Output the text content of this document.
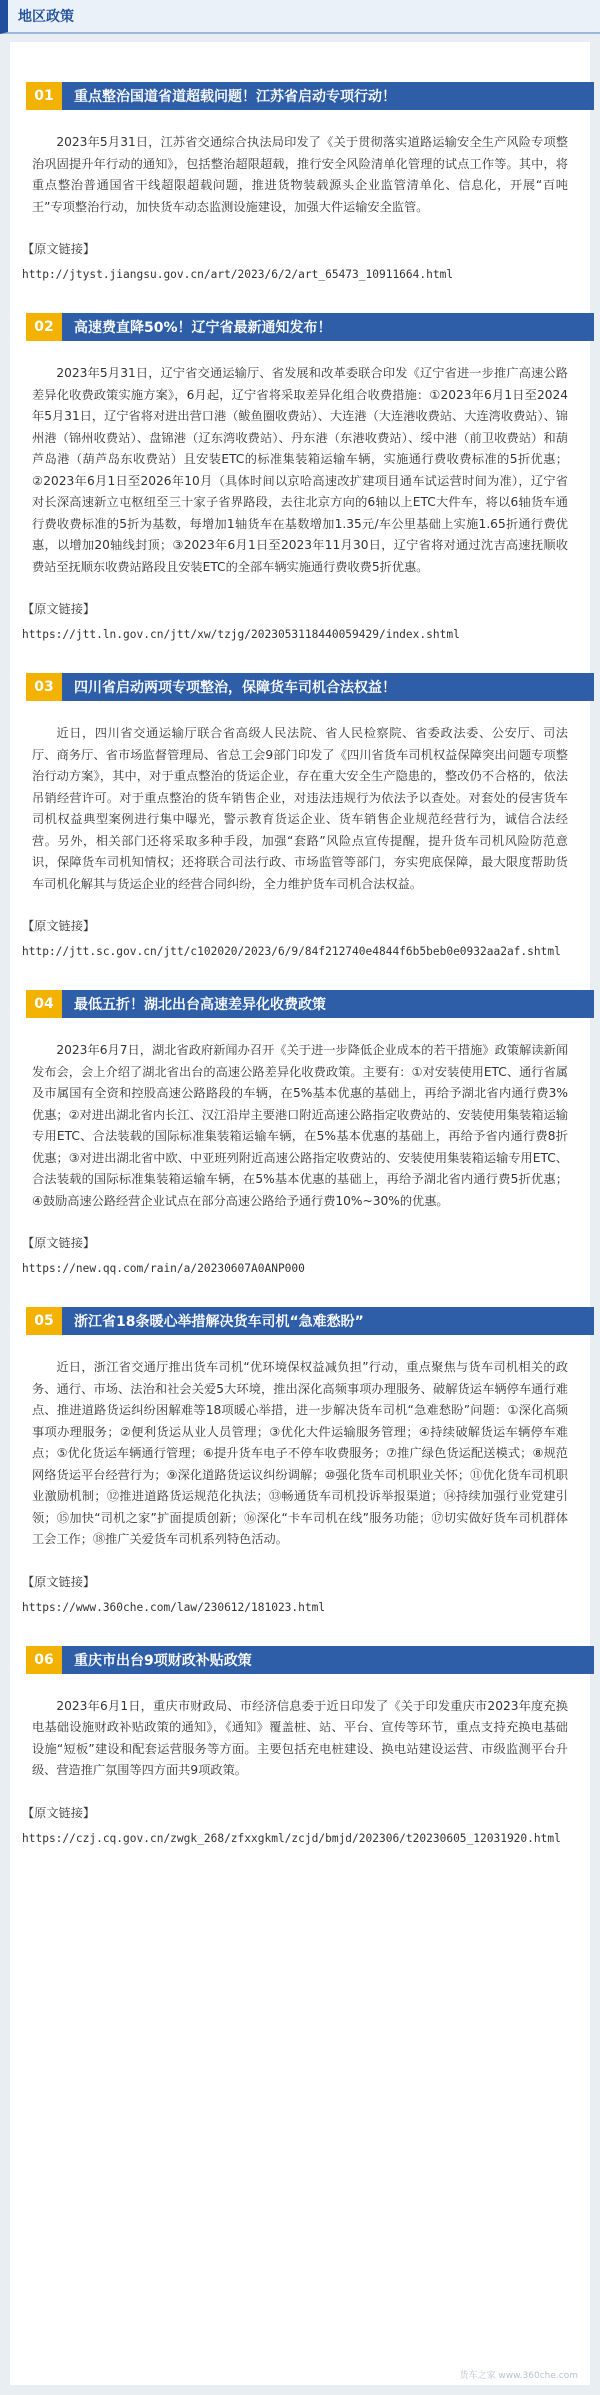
地区政策
01	重点整治国道省道超载问题！江苏省启动专项行动！

2023年5月31日，江苏省交通综合执法局印发了《关于贯彻落实道路运输安全生产风险专项整治巩固提升年行动的通知》，包括整治超限超载，推行安全风险清单化管理的试点工作等。其中，将重点整治普通国省干线超限超载问题，推进货物装载源头企业监管清单化、信息化，开展“百吨王”专项整治行动，加快货车动态监测设施建设，加强大件运输安全监管。

【原文链接】
http://jtyst.jiangsu.gov.cn/art/2023/6/2/art_65473_10911664.html
02	高速费直降50%！辽宁省最新通知发布！

2023年5月31日，辽宁省交通运输厅、省发展和改革委联合印发《辽宁省进一步推广高速公路差异化收费政策实施方案》，6月起，辽宁省将采取差异化组合收费措施：①2023年6月1日至2024年5月31日，辽宁省将对进出营口港（鲅鱼圈收费站）、大连港（大连港收费站、大连湾收费站）、锦州港（锦州收费站）、盘锦港（辽东湾收费站）、丹东港（东港收费站）、绥中港（前卫收费站）和葫芦岛港（葫芦岛东收费站）且安装ETC的标准集装箱运输车辆，实施通行费收费标准的5折优惠；②2023年6月1日至2026年10月（具体时间以京哈高速改扩建项目通车试运营时间为准），辽宁省对长深高速新立屯枢纽至三十家子省界路段，去往北京方向的6轴以上ETC大件车，将以6轴货车通行费收费标准的5折为基数，每增加1轴货车在基数增加1.35元/车公里基础上实施1.65折通行费优惠，以增加20轴线封顶；③2023年6月1日至2023年11月30日，辽宁省将对通过沈吉高速抚顺收费站至抚顺东收费站路段且安装ETC的全部车辆实施通行费收费5折优惠。

【原文链接】
https://jtt.ln.gov.cn/jtt/xw/tzjg/2023053118440059429/index.shtml
03	四川省启动两项专项整治，保障货车司机合法权益！

近日，四川省交通运输厅联合省高级人民法院、省人民检察院、省委政法委、公安厅、司法厅、商务厅、省市场监督管理局、省总工会9部门印发了《四川省货车司机权益保障突出问题专项整治行动方案》，其中，对于重点整治的货运企业，存在重大安全生产隐患的，整改仍不合格的，依法吊销经营许可。对于重点整治的货车销售企业，对违法违规行为依法予以查处。对套处的侵害货车司机权益典型案例进行集中曝光，警示教育货运企业、货车销售企业规范经营行为，诚信合法经营。另外，相关部门还将采取多种手段，加强“套路”风险点宣传提醒，提升货车司机风险防范意识，保障货车司机知情权；还将联合司法行政、市场监管等部门，夯实兜底保障，最大限度帮助货车司机化解其与货运企业的经营合同纠纷，全力维护货车司机合法权益。

【原文链接】
http://jtt.sc.gov.cn/jtt/c102020/2023/6/9/84f212740e4844f6b5beb0e0932aa2af.shtml
04	最低五折！湖北出台高速差异化收费政策

2023年6月7日，湖北省政府新闻办召开《关于进一步降低企业成本的若干措施》政策解读新闻发布会，会上介绍了湖北省出台的高速公路差异化收费政策。主要有：①对安装使用ETC、通行省属及市属国有全资和控股高速公路路段的车辆，在5%基本优惠的基础上，再给予湖北省内通行费3%优惠；②对进出湖北省内长江、汉江沿岸主要港口附近高速公路指定收费站的、安装使用集装箱运输专用ETC、合法装载的国际标准集装箱运输车辆，在5%基本优惠的基础上，再给予省内通行费8折优惠；③对进出湖北省中欧、中亚班列附近高速公路指定收费站的、安装使用集装箱运输专用ETC、合法装载的国际标准集装箱运输车辆，在5%基本优惠的基础上，再给予湖北省内通行费5折优惠；④鼓励高速公路经营企业试点在部分高速公路给予通行费10%~30%的优惠。

【原文链接】
https://new.qq.com/rain/a/20230607A0ANP000
05	浙江省18条暖心举措解决货车司机“急难愁盼”

近日，浙江省交通厅推出货车司机“优环境保权益减负担”行动，重点聚焦与货车司机相关的政务、通行、市场、法治和社会关爱5大环境，推出深化高频事项办理服务、破解货运车辆停车通行难点、推进道路货运纠纷困解难等18项暖心举措，进一步解决货车司机“急难愁盼”问题：①深化高频事项办理服务；②便利货运从业人员管理；③优化大件运输服务管理；④持续破解货运车辆停车难点；⑤优化货运车辆通行管理；⑥提升货车电子不停车收费服务；⑦推广绿色货运配送模式；⑧规范网络货运平台经营行为；⑨深化道路货运议纠纷调解；⑩强化货车司机职业关怀；⑪优化货车司机职业激励机制；⑫推进道路货运规范化执法；⑬畅通货车司机投诉举报渠道；⑭持续加强行业党建引领；⑮加快“司机之家”扩面提质创新；⑯深化“卡车司机在线”服务功能；⑰切实做好货车司机群体工会工作；⑱推广关爱货车司机系列特色活动。

【原文链接】
https://www.360che.com/law/230612/181023.html
06	重庆市出台9项财政补贴政策

2023年6月1日，重庆市财政局、市经济信息委于近日印发了《关于印发重庆市2023年度充换电基础设施财政补贴政策的通知》，《通知》覆盖桩、站、平台、宣传等环节，重点支持充换电基础设施“短板”建设和配套运营服务等方面。主要包括充电桩建设、换电站建设运营、市级监测平台升级、营造推广氛围等四方面共9项政策。

【原文链接】
https://czj.cq.gov.cn/zwgk_268/zfxxgkml/zcjd/bmjd/202306/t20230605_12031920.html
货车之家 www.360che.com
